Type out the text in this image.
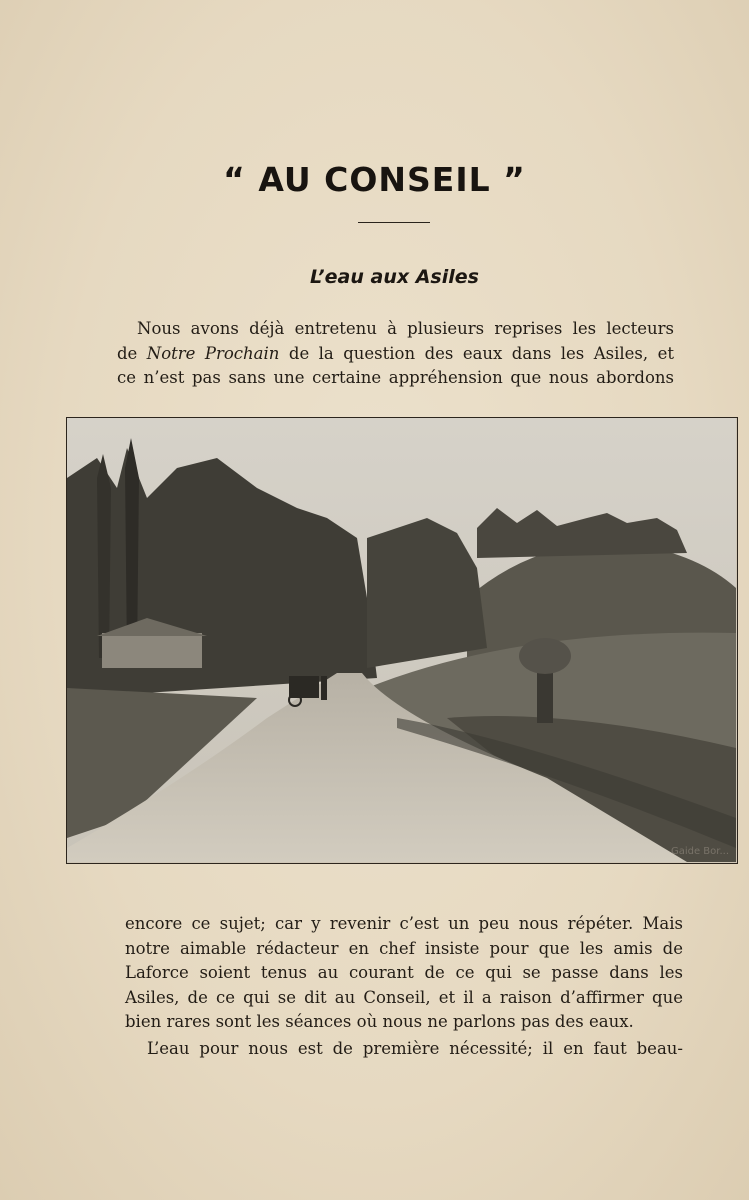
“ AU CONSEIL ”
L’eau aux Asiles
Nous avons déjà entretenu à plusieurs reprises les lecteurs
de Notre Prochain de la question des eaux dans les Asiles, et
ce n’est pas sans une certaine appréhension que nous abordons
Gaide Bor...
encore ce sujet; car y revenir c’est un peu nous répéter. Mais
notre aimable rédacteur en chef insiste pour que les amis de
Laforce soient tenus au courant de ce qui se passe dans les
Asiles, de ce qui se dit au Conseil, et il a raison d’affirmer que
bien rares sont les séances où nous ne parlons pas des eaux.
L’eau pour nous est de première nécessité; il en faut beau-
